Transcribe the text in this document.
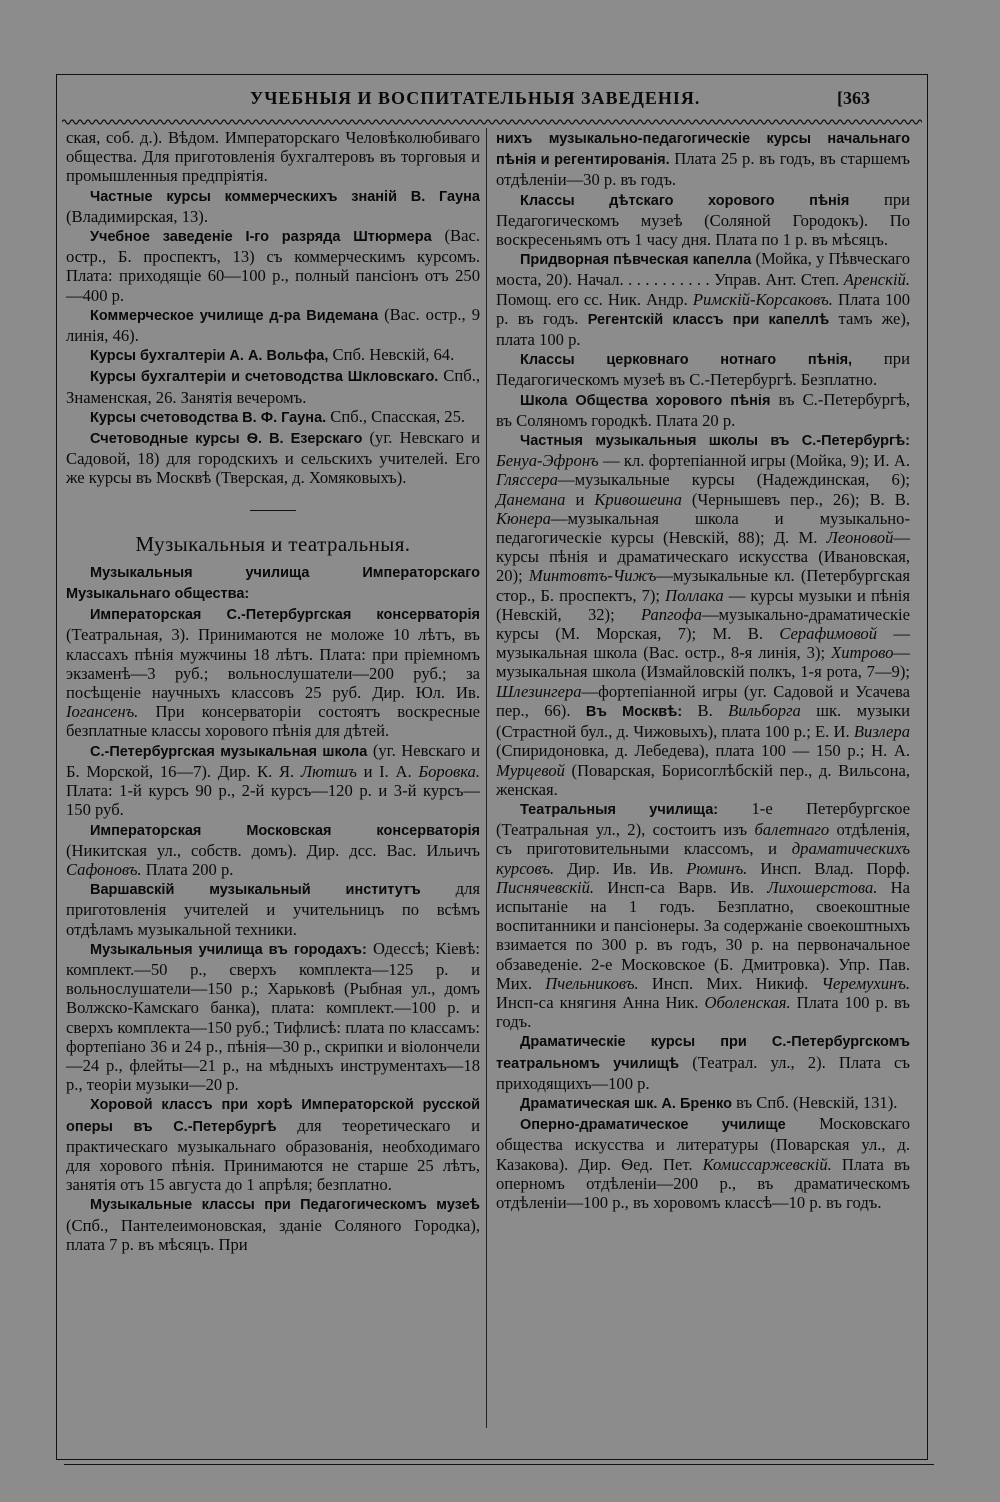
УЧЕБНЫЯ И ВОСПИТАТЕЛЬНЫЯ ЗАВЕДЕНІЯ.	[363

ская, соб. д.). Вѣдом. Императорскаго Человѣколюбиваго общества. Для приготовленія бухгалтеровъ въ торговыя и промышленныя предпріятія.

Частные курсы коммерческихъ знаній В. Гауна (Владимирская, 13).

Учебное заведеніе I-го разряда Штюрмера (Вас. остр., Б. проспектъ, 13) съ коммерческимъ курсомъ. Плата: приходящіе 60—100 р., полный пансіонъ отъ 250—400 р.

Коммерческое училище д-ра Видемана (Вас. остр., 9 линія, 46).

Курсы бухгалтеріи А. А. Вольфа, Спб. Невскій, 64.

Курсы бухгалтеріи и счетоводства Шкловскаго. Спб., Знаменская, 26. Занятія вечеромъ.

Курсы счетоводства В. Ф. Гауна. Спб., Спасская, 25.

Счетоводные курсы Ѳ. В. Езерскаго (уг. Невскаго и Садовой, 18) для городскихъ и сельскихъ учителей. Его же курсы въ Москвѣ (Тверская, д. Хомяковыхъ).

Музыкальныя и театральныя.

Музыкальныя училища Императорскаго Музыкальнаго общества:

Императорская С.-Петербургская консерваторія (Театральная, 3). Принимаются не моложе 10 лѣтъ, въ классахъ пѣнія мужчины 18 лѣтъ. Плата: при пріемномъ экзаменѣ—3 руб.; вольнослушатели—200 руб.; за посѣщеніе научныхъ классовъ 25 руб. Дир. Юл. Ив. Іогансенъ. При консерваторіи состоятъ воскресные безплатные классы хорового пѣнія для дѣтей.

С.-Петербургская музыкальная школа (уг. Невскаго и Б. Морской, 16—7). Дир. К. Я. Лютшъ и I. А. Боровка. Плата: 1-й курсъ 90 р., 2-й курсъ—120 р. и 3-й курсъ—150 руб.

Императорская Московская консерваторія (Никитская ул., собств. домъ). Дир. дсс. Вас. Ильичъ Сафоновъ. Плата 200 р.

Варшавскій музыкальный институтъ для приготовленія учителей и учительницъ по всѣмъ отдѣламъ музыкальной техники.

Музыкальныя училища въ городахъ: Одессѣ; Кіевѣ: комплект.—50 р., сверхъ комплекта—125 р. и вольнослушатели—150 р.; Харьковѣ (Рыбная ул., домъ Волжско-Камскаго банка), плата: комплект.—100 р. и сверхъ комплекта—150 руб.; Тифлисѣ: плата по классамъ: фортепіано 36 и 24 р., пѣнія—30 р., скрипки и віолончели—24 р., флейты—21 р., на мѣдныхъ инструментахъ—18 р., теоріи музыки—20 р.

Хоровой классъ при хорѣ Императорской русской оперы въ С.-Петербургѣ для теоретическаго и практическаго музыкальнаго образованія, необходимаго для хорового пѣнія. Принимаются не старше 25 лѣтъ, занятія отъ 15 августа до 1 апрѣля; безплатно.

Музыкальные классы при Педагогическомъ музеѣ (Спб., Пантелеимоновская, зданіе Соляного Городка), плата 7 р. въ мѣсяцъ. При

нихъ музыкально-педагогическіе курсы начальнаго пѣнія и регентированія. Плата 25 р. въ годъ, въ старшемъ отдѣленіи—30 р. въ годъ.

Классы дѣтскаго хорового пѣнія при Педагогическомъ музеѣ (Соляной Городокъ). По воскресеньямъ отъ 1 часу дня. Плата по 1 р. въ мѣсяцъ.

Придворная пѣвческая капелла (Мойка, у Пѣвческаго моста, 20). Начал. . . . . . . . . . . Управ. Ант. Степ. Аренскій. Помощ. его сс. Ник. Андр. Римскій-Корсаковъ. Плата 100 р. въ годъ. Регентскій классъ при капеллѣ тамъ же), плата 100 р.

Классы церковнаго нотнаго пѣнія, при Педагогическомъ музеѣ въ С.-Петербургѣ. Безплатно.

Школа Общества хорового пѣнія въ С.-Петербургѣ, въ Соляномъ городкѣ. Плата 20 р.

Частныя музыкальныя школы въ С.-Петербургѣ: Бенуа-Эфронъ — кл. фортепіанной игры (Мойка, 9); И. А. Гляссера—музыкальные курсы (Надеждинская, 6); Данемана и Кривошеина (Чернышевъ пер., 26); В. В. Кюнера—музыкальная школа и музыкально-педагогическіе курсы (Невскій, 88); Д. М. Леоновой—курсы пѣнія и драматическаго искусства (Ивановская, 20); Минтовтъ-Чижъ—музыкальные кл. (Петербургская стор., Б. проспектъ, 7); Поллака — курсы музыки и пѣнія (Невскій, 32); Рапгофа—музыкально-драматическіе курсы (М. Морская, 7); М. В. Серафимовой — музыкальная школа (Вас. остр., 8-я линія, 3); Хитрово—музыкальная школа (Измайловскій полкъ, 1-я рота, 7—9); Шлезингера—фортепіанной игры (уг. Садовой и Усачева пер., 66). Въ Москвѣ: В. Вильборга шк. музыки (Страстной бул., д. Чижовыхъ), плата 100 р.; Е. И. Визлера (Спиридоновка, д. Лебедева), плата 100 — 150 р.; Н. А. Мурцевой (Поварская, Борисоглѣбскій пер., д. Вильсона, женская.

Театральныя училища: 1-е Петербургское (Театральная ул., 2), состоитъ изъ балетнаго отдѣленія, съ приготовительными классомъ, и драматическихъ курсовъ. Дир. Ив. Ив. Рюминъ. Инсп. Влад. Порф. Писнячевскій. Инсп-са Варв. Ив. Лихошерстова. На испытаніе на 1 годъ. Безплатно, своекоштные воспитанники и пансіонеры. За содержаніе своекоштныхъ взимается по 300 р. въ годъ, 30 р. на первоначальное обзаведеніе. 2-е Московское (Б. Дмитровка). Упр. Пав. Мих. Пчельниковъ. Инсп. Мих. Никиф. Черемухинъ. Инсп-са княгиня Анна Ник. Оболенская. Плата 100 р. въ годъ.

Драматическіе курсы при С.-Петербургскомъ театральномъ училищѣ (Театрал. ул., 2). Плата съ приходящихъ—100 р.

Драматическая шк. А. Бренко въ Спб. (Невскій, 131).

Оперно-драматическое училище Московскаго общества искусства и литературы (Поварская ул., д. Казакова). Дир. Ѳед. Пет. Комиссаржевскій. Плата въ оперномъ отдѣленіи—200 р., въ драматическомъ отдѣленіи—100 р., въ хоровомъ классѣ—10 р. въ годъ.
